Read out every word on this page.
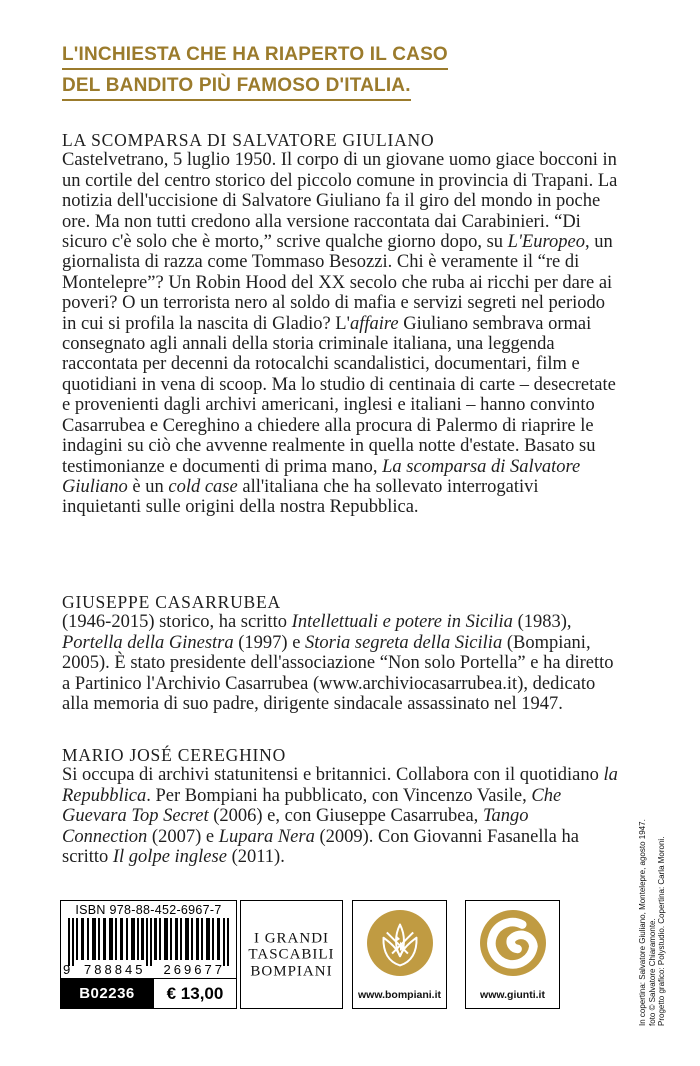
L'INCHIESTA CHE HA RIAPERTO IL CASO
DEL BANDITO PIÙ FAMOSO D'ITALIA.
LA SCOMPARSA DI SALVATORE GIULIANO

Castelvetrano, 5 luglio 1950. Il corpo di un giovane uomo giace bocconi in un cortile del centro storico del piccolo comune in provincia di Trapani. La notizia dell'uccisione di Salvatore Giuliano fa il giro del mondo in poche ore. Ma non tutti credono alla versione raccontata dai Carabinieri. “Di sicuro c'è solo che è morto,” scrive qualche giorno dopo, su L'Europeo, un giornalista di razza come Tommaso Besozzi. Chi è veramente il “re di Montelepre”? Un Robin Hood del XX secolo che ruba ai ricchi per dare ai poveri? O un terrorista nero al soldo di mafia e servizi segreti nel periodo in cui si profila la nascita di Gladio? L'affaire Giuliano sembrava ormai consegnato agli annali della storia criminale italiana, una leggenda raccontata per decenni da rotocalchi scandalistici, documentari, film e quotidiani in vena di scoop. Ma lo studio di centinaia di carte – desecretate e provenienti dagli archivi americani, inglesi e italiani – hanno convinto Casarrubea e Cereghino a chiedere alla procura di Palermo di riaprire le indagini su ciò che avvenne realmente in quella notte d'estate. Basato su testimonianze e documenti di prima mano, La scomparsa di Salvatore Giuliano è un cold case all'italiana che ha sollevato interrogativi inquietanti sulle origini della nostra Repubblica.

GIUSEPPE CASARRUBEA

(1946-2015) storico, ha scritto Intellettuali e potere in Sicilia (1983), Portella della Ginestra (1997) e Storia segreta della Sicilia (Bompiani, 2005). È stato presidente dell'associazione “Non solo Portella” e ha diretto a Partinico l'Archivio Casarrubea (www.archiviocasarrubea.it), dedicato alla memoria di suo padre, dirigente sindacale assassinato nel 1947.

MARIO JOSÉ CEREGHINO

Si occupa di archivi statunitensi e britannici. Collabora con il quotidiano la Repubblica. Per Bompiani ha pubblicato, con Vincenzo Vasile, Che Guevara Top Secret (2006) e, con Giuseppe Casarrubea, Tango Connection (2007) e Lupara Nera (2009). Con Giovanni Fasanella ha scritto Il golpe inglese (2011).	In copertina: Salvatore Giuliano, Montelepre, agosto 1947. foto © Salvatore Chiaramonte. Progetto grafico: Polystudio. Copertina: Carla Moroni.
ISBN 978-88-452-6967-7
9	788845	269677
B02236	€ 13,00
I GRANDI
TASCABILI
BOMPIANI
www.bompiani.it	www.giunti.it
